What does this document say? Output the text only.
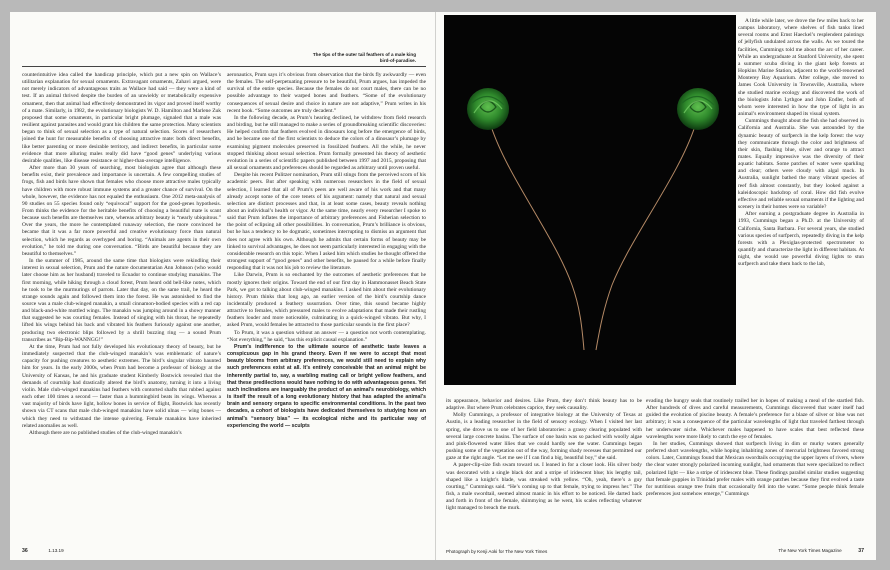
The tips of the outer tail feathers of a male king bird-of-paradise.

counterintuitive idea called the handicap principle, which put a new spin on Wallace’s utilitarian explanation for sexual ornaments. Extravagant ornaments, Zahavi argued, were not merely indicators of advantageous traits as Wallace had said — they were a kind of test. If an animal thrived despite the burden of an unwieldy or metabolically expensive ornament, then that animal had effectively demonstrated its vigor and proved itself worthy of a mate. Similarly, in 1982, the evolutionary biologists W. D. Hamilton and Marlene Zuk proposed that some ornaments, in particular bright plumage, signaled that a male was resilient against parasites and would grant his children the same protection. Many scientists began to think of sexual selection as a type of natural selection. Scores of researchers joined the hunt for measurable benefits of choosing attractive mate: both direct benefits, like better parenting or more desirable territory, and indirect benefits, in particular some evidence that more alluring males really did have “good genes” underlying various desirable qualities, like disease resistance or higher-than-average intelligence.

After more than 30 years of searching, most biologists agree that although these benefits exist, their prevalence and importance is uncertain. A few compelling studies of frogs, fish and birds have shown that females who choose more attractive males typically have children with more robust immune systems and a greater chance of survival. On the whole, however, the evidence has not equaled the enthusiasm. One 2012 meta-analysis of 90 studies on 55 species found only “equivocal” support for the good-genes hypothesis. From thinks the evidence for the heritable benefits of choosing a beautiful mate is scant because such benefits are themselves rare, whereas arbitrary beauty is “nearly ubiquitous.” Over the years, the more he contemplated runaway selection, the more convinced he became that it was a far more powerful and creative evolutionary force than natural selection, which he regards as overhyped and boring. “Animals are agents in their own evolution,” he told me during one conversation. “Birds are beautiful because they are beautiful to themselves.”

In the summer of 1985, around the same time that biologists were rekindling their interest in sexual selection, Prum and the nature documentarian Ann Johnson (who would later choose him as her husband) traveled to Ecuador to continue studying manakins. The first morning, while hiking through a cloud forest, Prum heard odd bell-like notes, which he took to be the murmurings of parrots. Later that day, on the same trail, he heard the strange sounds again and followed them into the forest. He was astonished to find the source was a male club-winged manakin, a small cinnamon-bodied species with a red cap and black-and-white mottled wings. The manakin was jumping around in a showy manner that suggested he was courting females. Instead of singing with his throat, he repeatedly lifted his wings behind his back and vibrated his feathers furiously against one another, producing two electronic blips followed by a shrill buzzing ring — a sound Prum transcribes as “Bip-Bip-WANNGG!”

At the time, Prum had not fully developed his evolutionary theory of beauty, but he immediately suspected that the club-winged manakin’s was emblematic of nature’s capacity for pushing creatures to aesthetic extremes. The bird’s singular vibrato haunted him for years. In the early 2000s, when Prum had become a professor of biology at the University of Kansas, he and his graduate student Kimberly Bostwick revealed that the demands of courtship had drastically altered the bird’s anatomy, turning it into a living violin. Male club-winged manakins had feathers with contorted shafts that rubbed against each other 100 times a second — faster than a hummingbird beats its wings. Whereas a vast majority of birds have light, hollow bones in service of flight, Bostwick has recently shown via CT scans that male club-winged manakins have solid ulnas — wing bones — which they need to withstand the intense quivering. Female manakins have inherited related anomalies as well.

Although there are no published studies of the club-winged manakin’s

aeronautics, Prum says it’s obvious from observation that the birds fly awkwardly — even the females. The self-perpetuating pressure to be beautiful, Prum argues, has impeded the survival of the entire species. Because the females do not court males, there can be no possible advantage to their warped bones and feathers. “Some of the evolutionary consequences of sexual desire and choice in nature are not adaptive,” Prum writes in his recent book. “Some outcomes are truly decadent.”

In the following decade, as Prum’s hearing declined, he withdrew from field research and birding, but he still managed to make a series of groundbreaking scientific discoveries: He helped confirm that feathers evolved in dinosaurs long before the emergence of birds, and he became one of the first scientists to deduce the colors of a dinosaur’s plumage by examining pigment molecules preserved in fossilized feathers. All the while, he never stopped thinking about sexual selection. Prum formally presented his theory of aesthetic evolution in a series of scientific papers published between 1997 and 2015, proposing that all sexual ornaments and preferences should be regarded as arbitrary until proven useful.

Despite his recent Pulitzer nomination, Prum still stings from the perceived scorn of his academic peers. But after speaking with numerous researchers in the field of sexual selection, I learned that all of Prum’s peers are well aware of his work and that many already accept some of the core tenets of his argument: namely that natural and sexual selection are distinct processes and that, in at least some cases, beauty reveals nothing about an individual’s health or vigor. At the same time, nearly every researcher I spoke to said that Prum inflates the importance of arbitrary preferences and Fisherian selection to the point of eclipsing all other possibilities. In conversation, Prum’s brilliance is obvious, but he has a tendency to be dogmatic, sometimes interrupting to dismiss an argument that does not agree with his own. Although he admits that certain forms of beauty may be linked to survival advantages, he does not seem particularly interested in engaging with the considerable research on this topic. When I asked him which studies he thought offered the strongest support of “good genes” and other benefits, he paused for a while before finally responding that it was not his job to review the literature.

Like Darwin, Prum is so enchanted by the outcomes of aesthetic preferences that he mostly ignores their origins. Toward the end of our first day in Hammonasset Beach State Park, we got to talking about club-winged manakins. I asked him about their evolutionary history. Prum thinks that long ago, an earlier version of the bird’s courtship dance incidentally produced a feathery susurration. Over time, this sound became highly attractive to females, which pressured males to evolve adaptations that made their rustling feathers louder and more noticeable, culminating in a quick-winged vibrato. But why, I asked Prum, would females be attracted to those particular sounds in the first place?

To Prum, it was a question without an answer — a question not worth contemplating. “Not everything,” he said, “has this explicit causal explanation.”

Prum’s indifference to the ultimate source of aesthetic taste leaves a conspicuous gap in his grand theory. Even if we were to accept that most beauty blooms from arbitrary preferences, we would still need to explain why such preferences exist at all. It’s entirely conceivable that an animal might be inherently partial to, say, a warbling mating call or bright yellow feathers, and that these predilections would have nothing to do with advantageous genes. Yet such inclinations are inarguably the product of an animal’s neurobiology, which is itself the result of a long evolutionary history that has adapted the animal’s brain and sensory organs to specific environmental conditions. In the past two decades, a cohort of biologists have dedicated themselves to studying how an animal’s “sensory bias” — its ecological niche and its particular way of experiencing the world — sculpts

36	1.13.19

A little while later, we drove the few miles back to her campus laboratory, where shelves of fish tanks lined several rooms and Ernst Haeckel’s resplendent paintings of jellyfish undulated across the walls. As we toured the facilities, Cummings told me about the arc of her career. While an undergraduate at Stanford University, she spent a summer scuba diving in the giant kelp forests at Hopkins Marine Station, adjacent to the world-renowned Monterey Bay Aquarium. After college, she moved to James Cook University in Townsville, Australia, where she studied marine ecology and discovered the work of the biologists John Lythgoe and John Endler, both of whom were interested in how the type of light in an animal’s environment shaped its visual system.

Cummings thought about the fish she had observed in California and Australia. She was astounded by the dynamic beauty of surfperch in the kelp forest: the way they communicate through the color and brightness of their skin, flashing blue, silver and orange to attract mates. Equally impressive was the diversity of their aquatic habitats. Some patches of water were sparkling and clear; others were cloudy with algal muck. In Australia, sunlight bathed the many vibrant species of reef fish almost constantly, but they looked against a kaleidoscopic backdrop of coral. How did fish evolve effective and reliable sexual ornaments if the lighting and scenery in their homes were so variable?

After earning a postgraduate degree in Australia in 1993, Cummings began a Ph.D. at the University of California, Santa Barbara. For several years, she studied various species of surfperch, repeatedly diving in the kelp forests with a Plexiglas-protected spectrometer to quantify and characterize the light in different habitats. At night, she would use powerful diving lights to stun surfperch and take them back to the lab,

its appearance, behavior and desires. Like Prum, they don’t think beauty has to be adaptive. But where Prum celebrates caprice, they seek causality.

Molly Cummings, a professor of integrative biology at the University of Texas at Austin, is a leading researcher in the field of sensory ecology. When I visited her last spring, she drove us to one of her field laboratories: a grassy clearing populated with several large concrete basins. The surface of one basin was so packed with woolly algae and pink-flowered water lilies that we could hardly see the water. Cummings began pushing some of the vegetation out of the way, forming shady recesses that permitted our gaze at the right angle. “Let me see if I can find a big, beautiful boy,” she said.

A paper-clip-size fish swam toward us. I leaned in for a closer look. His silver body was decorated with a single black dot and a stripe of iridescent blue; his lengthy tail, shaped like a knight’s blade, was streaked with yellow. “Oh, yeah, there’s a guy courting,” Cummings said. “He’s coming up to that female, trying to impress her.” The fish, a male swordtail, seemed almost manic in his effort to be noticed. He darted back and forth in front of the female, shimmying as he went, his scales reflecting whatever light managed to breach the murk.

evading the hungry seals that routinely trailed her in hopes of making a meal of the startled fish. After hundreds of dives and careful measurements, Cummings discovered that water itself had guided the evolution of piscine beauty. A female’s preference for a blaze of silver or blue was not arbitrary; it was a consequence of the particular wavelengths of light that traveled farthest through her underwater niche. Whichever males happened to have scales that best reflected these wavelengths were more likely to catch the eye of females.

In her studies, Cummings showed that surfperch living in dim or murky waters generally preferred short wavelengths, while hoping inhabiting zones of mercurial brightness favored strong colors. Later, Cummings found that Mexican swordtails occupying the upper layers of rivers, where the clear water strongly polarized incoming sunlight, had ornaments that were specialized to reflect polarized light — like a stripe of iridescent blue. These findings parallel similar studies suggesting that female guppies in Trinidad prefer males with orange patches because they first evolved a taste for nutritious orange tree fruits that occasionally fell into the water. “Some people think female preferences just somehow emerge,” Cummings

Photograph by Kenji Aoki for The New York Times	The New York Times Magazine	37
